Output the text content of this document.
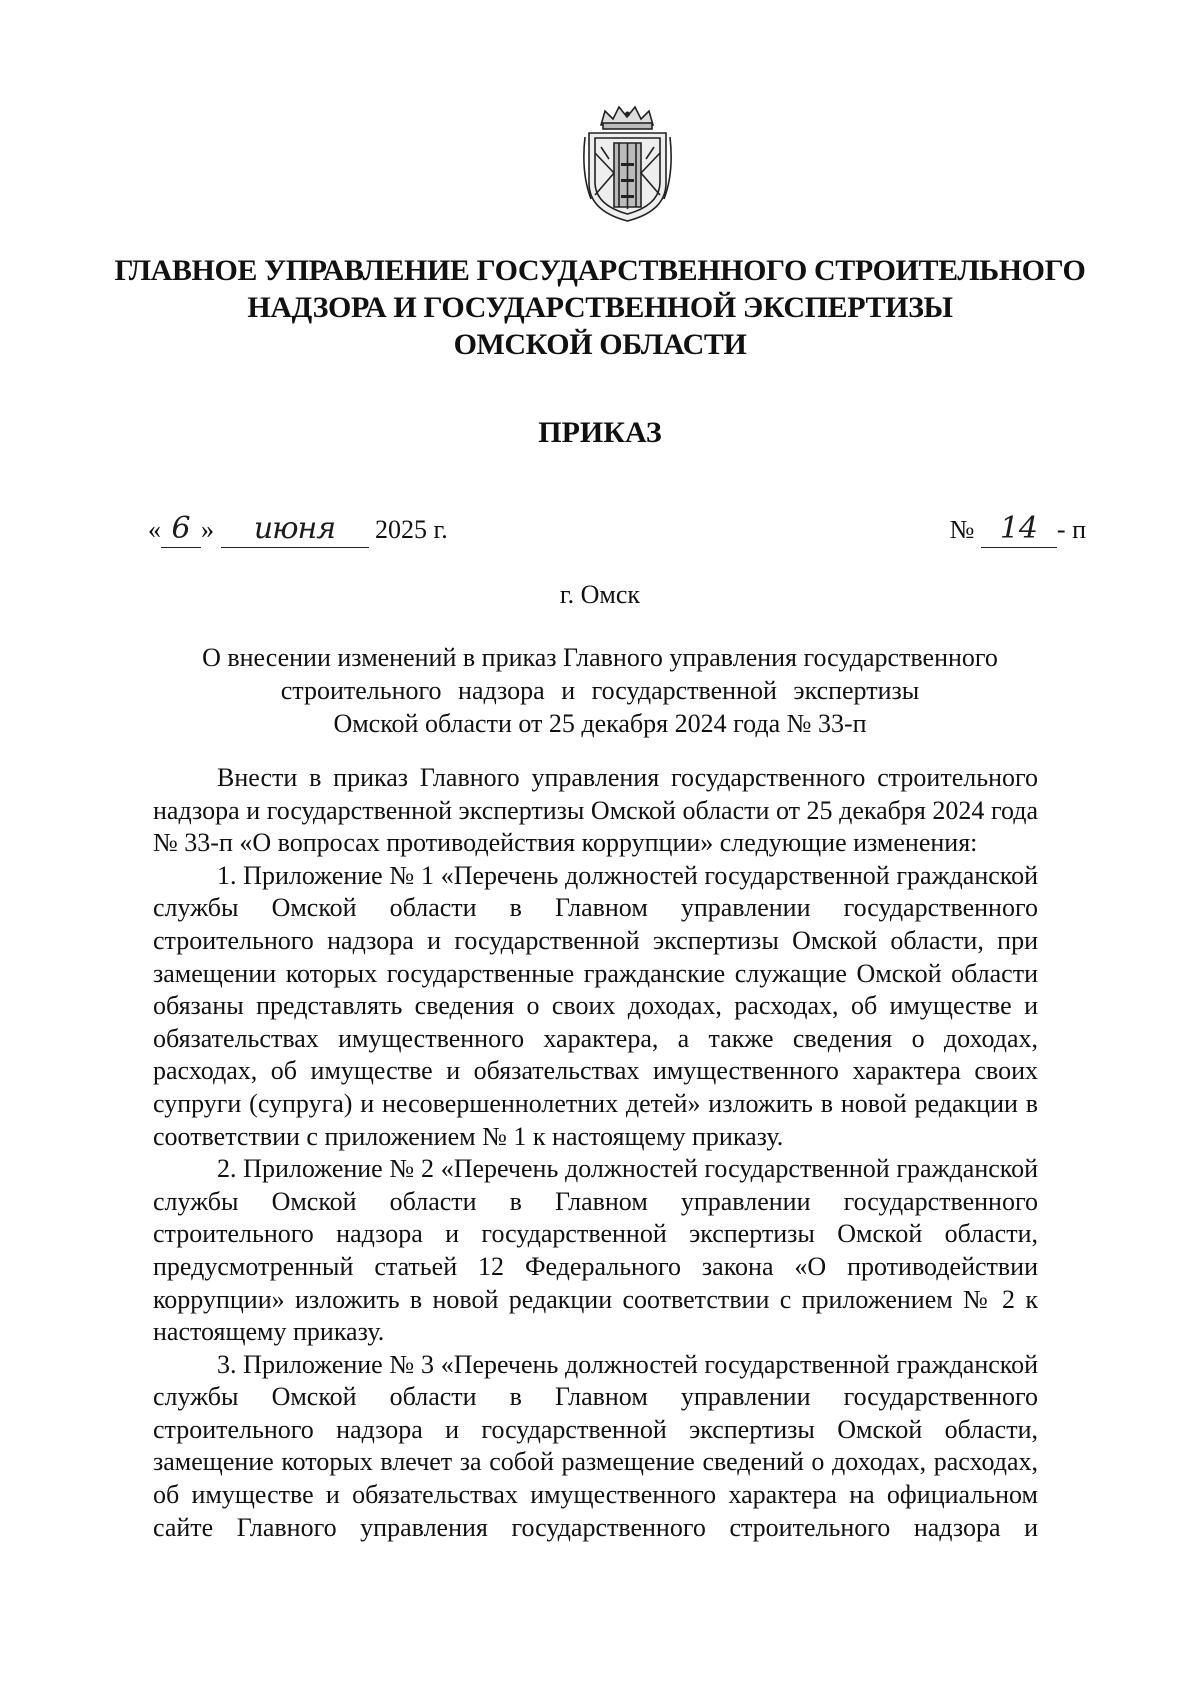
ГЛАВНОЕ УПРАВЛЕНИЕ ГОСУДАРСТВЕННОГО СТРОИТЕЛЬНОГО
НАДЗОРА И ГОСУДАРСТВЕННОЙ ЭКСПЕРТИЗЫ
ОМСКОЙ ОБЛАСТИ
ПРИКАЗ
« 6 » июня 2025 г.	№ 14 - п
г. Омск
О внесении изменений в приказ Главного управления государственного
строительного надзора и государственной экспертизы
Омской области от 25 декабря 2024 года № 33-п

Внести в приказ Главного управления государственного строительного надзора и государственной экспертизы Омской области от 25 декабря 2024 года № 33-п «О вопросах противодействия коррупции» следующие изменения:

1. Приложение № 1 «Перечень должностей государственной гражданской службы Омской области в Главном управлении государственного строительного надзора и государственной экспертизы Омской области, при замещении которых государственные гражданские служащие Омской области обязаны представлять сведения о своих доходах, расходах, об имуществе и обязательствах имущественного характера, а также сведения о доходах, расходах, об имуществе и обязательствах имущественного характера своих супруги (супруга) и несовершеннолетних детей» изложить в новой редакции в соответствии с приложением № 1 к настоящему приказу.

2. Приложение № 2 «Перечень должностей государственной гражданской службы Омской области в Главном управлении государственного строительного надзора и государственной экспертизы Омской области, предусмотренный статьей 12 Федерального закона «О противодействии коррупции» изложить в новой редакции соответствии с приложением № 2 к настоящему приказу.

3. Приложение № 3 «Перечень должностей государственной гражданской службы Омской области в Главном управлении государственного строительного надзора и государственной экспертизы Омской области, замещение которых влечет за собой размещение сведений о доходах, расходах, об имуществе и обязательствах имущественного характера на официальном сайте Главного управления государственного строительного надзора и
